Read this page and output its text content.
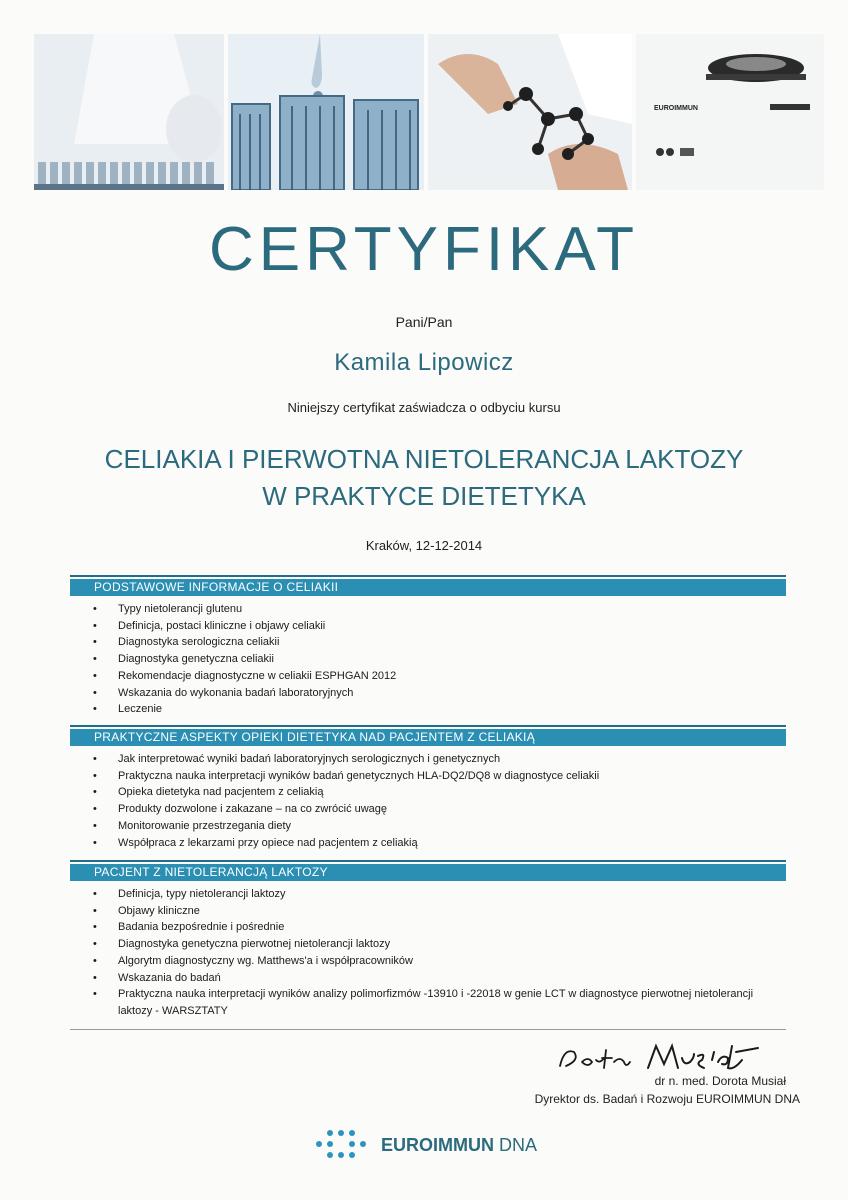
EUROIMMUN
CERTYFIKAT
Pani/Pan
Kamila Lipowicz
Niniejszy certyfikat zaświadcza o odbyciu kursu
CELIAKIA I PIERWOTNA NIETOLERANCJA LAKTOZY
W PRAKTYCE DIETETYKA
Kraków, 12-12-2014
PODSTAWOWE INFORMACJE O CELIAKII
• Typy nietolerancji glutenu
• Definicja, postaci kliniczne i objawy celiakii
• Diagnostyka serologiczna celiakii
• Diagnostyka genetyczna celiakii
• Rekomendacje diagnostyczne w celiakii ESPHGAN 2012
• Wskazania do wykonania badań laboratoryjnych
• Leczenie
PRAKTYCZNE ASPEKTY OPIEKI DIETETYKA NAD PACJENTEM Z CELIAKIĄ
• Jak interpretować wyniki badań laboratoryjnych serologicznych i genetycznych
• Praktyczna nauka interpretacji wyników badań genetycznych HLA-DQ2/DQ8 w diagnostyce celiakii
• Opieka dietetyka nad pacjentem z celiakią
• Produkty dozwolone i zakazane – na co zwrócić uwagę
• Monitorowanie przestrzegania diety
• Współpraca z lekarzami przy opiece nad pacjentem z celiakią
PACJENT Z NIETOLERANCJĄ LAKTOZY
• Definicja, typy nietolerancji laktozy
• Objawy kliniczne
• Badania bezpośrednie i pośrednie
• Diagnostyka genetyczna pierwotnej nietolerancji laktozy
• Algorytm diagnostyczny wg. Matthews'a i współpracowników
• Wskazania do badań
• Praktyczna nauka interpretacji wyników analizy polimorfizmów -13910 i -22018 w genie LCT w diagnostyce pierwotnej nietolerancji laktozy - WARSZTATY
dr n. med. Dorota Musiał
Dyrektor ds. Badań i Rozwoju EUROIMMUN DNA
EUROIMMUN DNA
